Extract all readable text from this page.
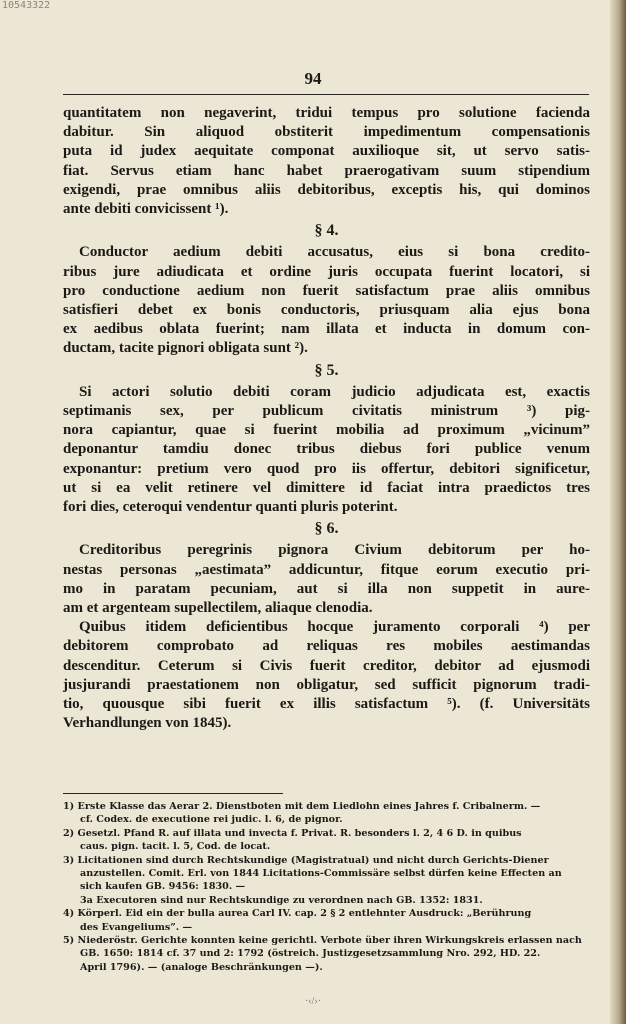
10543322
94
quantitatem non negaverint, tridui tempus pro solutione facienda
dabitur. Sin aliquod obstiterit impedimentum compensationis
puta id judex aequitate componat auxilioque sit, ut servo satis-
fiat. Servus etiam hanc habet praerogativam suum stipendium
exigendi, prae omnibus aliis debitoribus, exceptis his, qui dominos
ante debiti convicissent ¹).
§ 4.
Conductor aedium debiti accusatus, eius si bona credito-
ribus jure adiudicata et ordine juris occupata fuerint locatori, si
pro conductione aedium non fuerit satisfactum prae aliis omnibus
satisfieri debet ex bonis conductoris, priusquam alia ejus bona
ex aedibus oblata fuerint; nam illata et inducta in domum con-
ductam, tacite pignori obligata sunt ²).
§ 5.
Si actori solutio debiti coram judicio adjudicata est, exactis
septimanis sex, per publicum civitatis ministrum ³) pig-
nora capiantur, quae si fuerint mobilia ad proximum „vicinum”
deponantur tamdiu donec tribus diebus fori publice venum
exponantur: pretium vero quod pro iis offertur, debitori significetur,
ut si ea velit retinere vel dimittere id faciat intra praedictos tres
fori dies, ceteroqui vendentur quanti pluris poterint.
§ 6.
Creditoribus peregrinis pignora Civium debitorum per ho-
nestas personas „aestimata” addicuntur, fitque eorum executio pri-
mo in paratam pecuniam, aut si illa non suppetit in aure-
am et argenteam supellectilem, aliaque clenodia.
Quibus itidem deficientibus hocque juramento corporali ⁴) per
debitorem comprobato ad reliquas res mobiles aestimandas
descenditur. Ceterum si Civis fuerit creditor, debitor ad ejusmodi
jusjurandi praestationem non obligatur, sed sufficit pignorum tradi-
tio, quousque sibi fuerit ex illis satisfactum ⁵). (f. Universitäts
Verhandlungen von 1845).
1) Erste Klasse das Aerar 2. Dienstboten mit dem Liedlohn eines Jahres f. Cribalnerm. —
cf. Codex. de executione rei judic. l. 6, de pignor.
2) Gesetzl. Pfand R. auf illata und invecta f. Privat. R. besonders l. 2, 4 6 D. in quibus
caus. pign. tacit. l. 5, Cod. de locat.
3) Licitationen sind durch Rechtskundige (Magistratual) und nicht durch Gerichts-Diener
anzustellen. Comit. Erl. von 1844 Licitations-Commissäre selbst dürfen keine Effecten an
sich kaufen GB. 9456: 1830. —
3a Executoren sind nur Rechtskundige zu verordnen nach GB. 1352: 1831.
4) Körperl. Eid ein der bulla aurea Carl IV. cap. 2 § 2 entlehnter Ausdruck: „Berührung
des Evangeliums”. —
5) Niederöstr. Gerichte konnten keine gerichtl. Verbote über ihren Wirkungskreis erlassen nach
GB. 1650: 1814 cf. 37 und 2: 1792 (östreich. Justizgesetzsammlung Nro. 292, HD. 22.
April 1796). — (analoge Beschränkungen —).
·‹/›·
